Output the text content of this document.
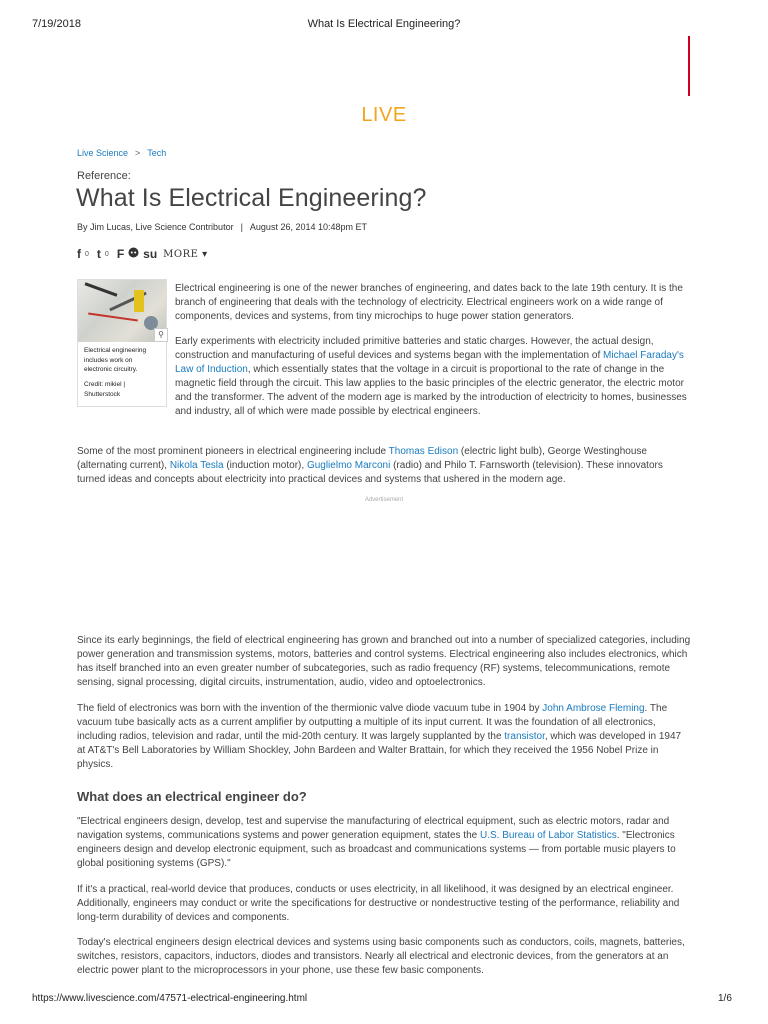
7/19/2018	What Is Electrical Engineering?
LIVE
Live Science > Tech
Reference:
What Is Electrical Engineering?
By Jim Lucas, Live Science Contributor | August 26, 2014 10:48pm ET
f 0 t 0 F su MORE ▾
⚲
Electrical engineering includes work on electronic circuitry.
Credit: mikiel | Shutterstock

Electrical engineering is one of the newer branches of engineering, and dates back to the late 19th century. It is the branch of engineering that deals with the technology of electricity. Electrical engineers work on a wide range of components, devices and systems, from tiny microchips to huge power station generators.

Early experiments with electricity included primitive batteries and static charges. However, the actual design, construction and manufacturing of useful devices and systems began with the implementation of Michael Faraday's Law of Induction, which essentially states that the voltage in a circuit is proportional to the rate of change in the magnetic field through the circuit. This law applies to the basic principles of the electric generator, the electric motor and the transformer. The advent of the modern age is marked by the introduction of electricity to homes, businesses and industry, all of which were made possible by electrical engineers.

Some of the most prominent pioneers in electrical engineering include Thomas Edison (electric light bulb), George Westinghouse (alternating current), Nikola Tesla (induction motor), Guglielmo Marconi (radio) and Philo T. Farnsworth (television). These innovators turned ideas and concepts about electricity into practical devices and systems that ushered in the modern age.

Advertisement

Since its early beginnings, the field of electrical engineering has grown and branched out into a number of specialized categories, including power generation and transmission systems, motors, batteries and control systems. Electrical engineering also includes electronics, which has itself branched into an even greater number of subcategories, such as radio frequency (RF) systems, telecommunications, remote sensing, signal processing, digital circuits, instrumentation, audio, video and optoelectronics.

The field of electronics was born with the invention of the thermionic valve diode vacuum tube in 1904 by John Ambrose Fleming. The vacuum tube basically acts as a current amplifier by outputting a multiple of its input current. It was the foundation of all electronics, including radios, television and radar, until the mid-20th century. It was largely supplanted by the transistor, which was developed in 1947 at AT&T's Bell Laboratories by William Shockley, John Bardeen and Walter Brattain, for which they received the 1956 Nobel Prize in physics.

What does an electrical engineer do?

"Electrical engineers design, develop, test and supervise the manufacturing of electrical equipment, such as electric motors, radar and navigation systems, communications systems and power generation equipment, states the U.S. Bureau of Labor Statistics. "Electronics engineers design and develop electronic equipment, such as broadcast and communications systems — from portable music players to global positioning systems (GPS)."

If it's a practical, real-world device that produces, conducts or uses electricity, in all likelihood, it was designed by an electrical engineer. Additionally, engineers may conduct or write the specifications for destructive or nondestructive testing of the performance, reliability and long-term durability of devices and components.

Today's electrical engineers design electrical devices and systems using basic components such as conductors, coils, magnets, batteries, switches, resistors, capacitors, inductors, diodes and transistors. Nearly all electrical and electronic devices, from the generators at an electric power plant to the microprocessors in your phone, use these few basic components.

https://www.livescience.com/47571-electrical-engineering.html	1/6
